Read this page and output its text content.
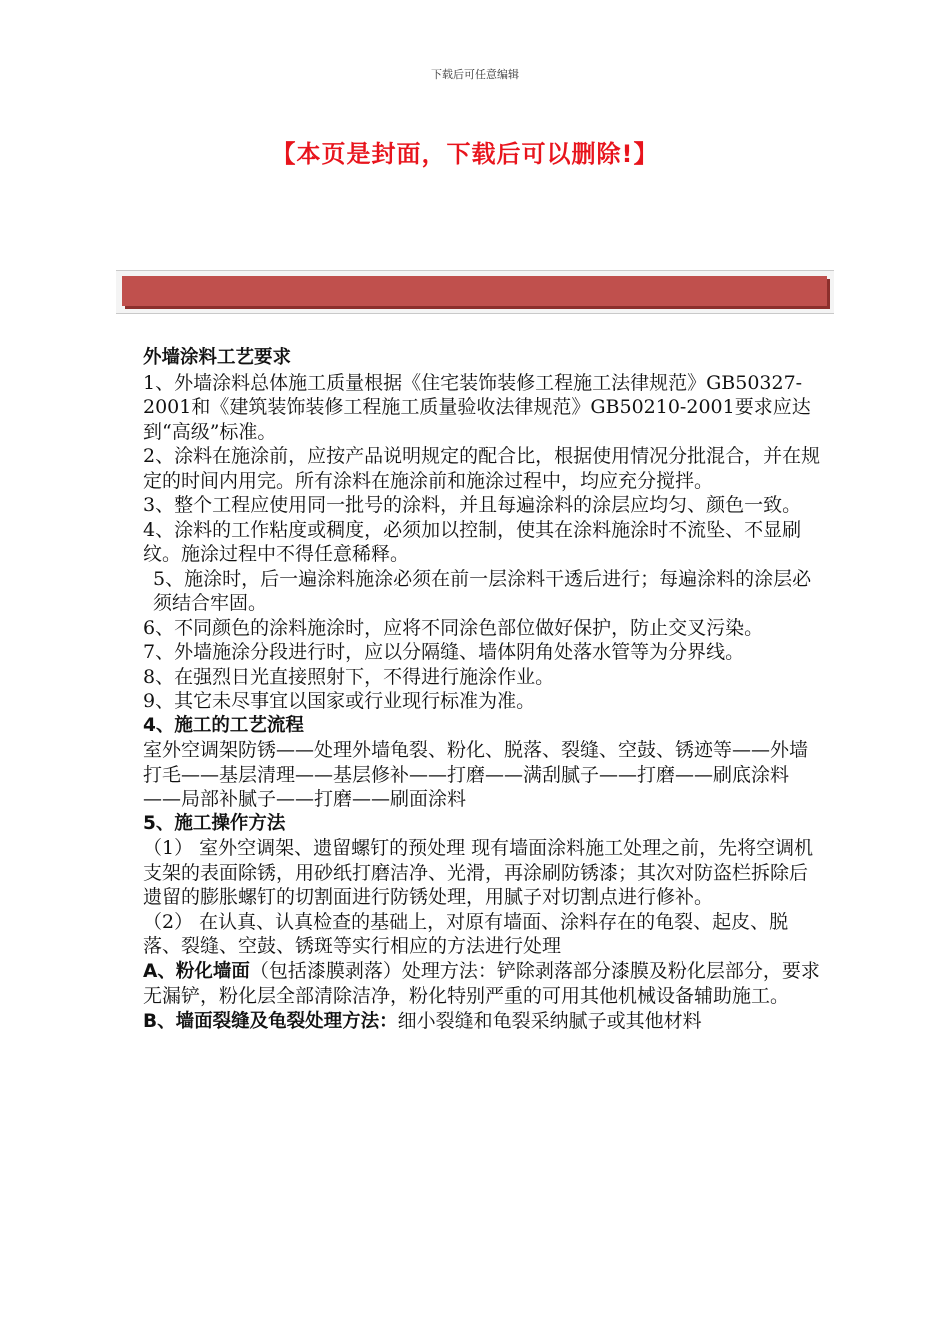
下载后可任意编辑
【本页是封面，下载后可以删除!】

外墙涂料工艺要求

1、外墙涂料总体施工质量根据《住宅装饰装修工程施工法律规范》GB50327-2001和《建筑装饰装修工程施工质量验收法律规范》GB50210-2001要求应达到“高级”标准。

2、涂料在施涂前，应按产品说明规定的配合比，根据使用情况分批混合，并在规定的时间内用完。所有涂料在施涂前和施涂过程中，均应充分搅拌。

3、整个工程应使用同一批号的涂料，并且每遍涂料的涂层应均匀、颜色一致。

4、涂料的工作粘度或稠度，必须加以控制，使其在涂料施涂时不流坠、不显刷纹。施涂过程中不得任意稀释。

5、施涂时，后一遍涂料施涂必须在前一层涂料干透后进行；每遍涂料的涂层必须结合牢固。

6、不同颜色的涂料施涂时，应将不同涂色部位做好保护，防止交叉污染。

7、外墙施涂分段进行时，应以分隔缝、墙体阴角处落水管等为分界线。

8、在强烈日光直接照射下，不得进行施涂作业。

9、其它未尽事宜以国家或行业现行标准为准。

4、施工的工艺流程

室外空调架防锈——处理外墙龟裂、粉化、脱落、裂缝、空鼓、锈迹等——外墙打毛——基层清理——基层修补——打磨——满刮腻子——打磨——刷底涂料——局部补腻子——打磨——刷面涂料

5、施工操作方法

（1） 室外空调架、遗留螺钉的预处理 现有墙面涂料施工处理之前，先将空调机支架的表面除锈，用砂纸打磨洁净、光滑，再涂刷防锈漆；其次对防盗栏拆除后遗留的膨胀螺钉的切割面进行防锈处理，用腻子对切割点进行修补。

（2） 在认真、认真检查的基础上，对原有墙面、涂料存在的龟裂、起皮、脱落、裂缝、空鼓、锈斑等实行相应的方法进行处理

A、粉化墙面（包括漆膜剥落）处理方法：铲除剥落部分漆膜及粉化层部分，要求无漏铲，粉化层全部清除洁净，粉化特别严重的可用其他机械设备辅助施工。

B、墙面裂缝及龟裂处理方法：细小裂缝和龟裂采纳腻子或其他材料
